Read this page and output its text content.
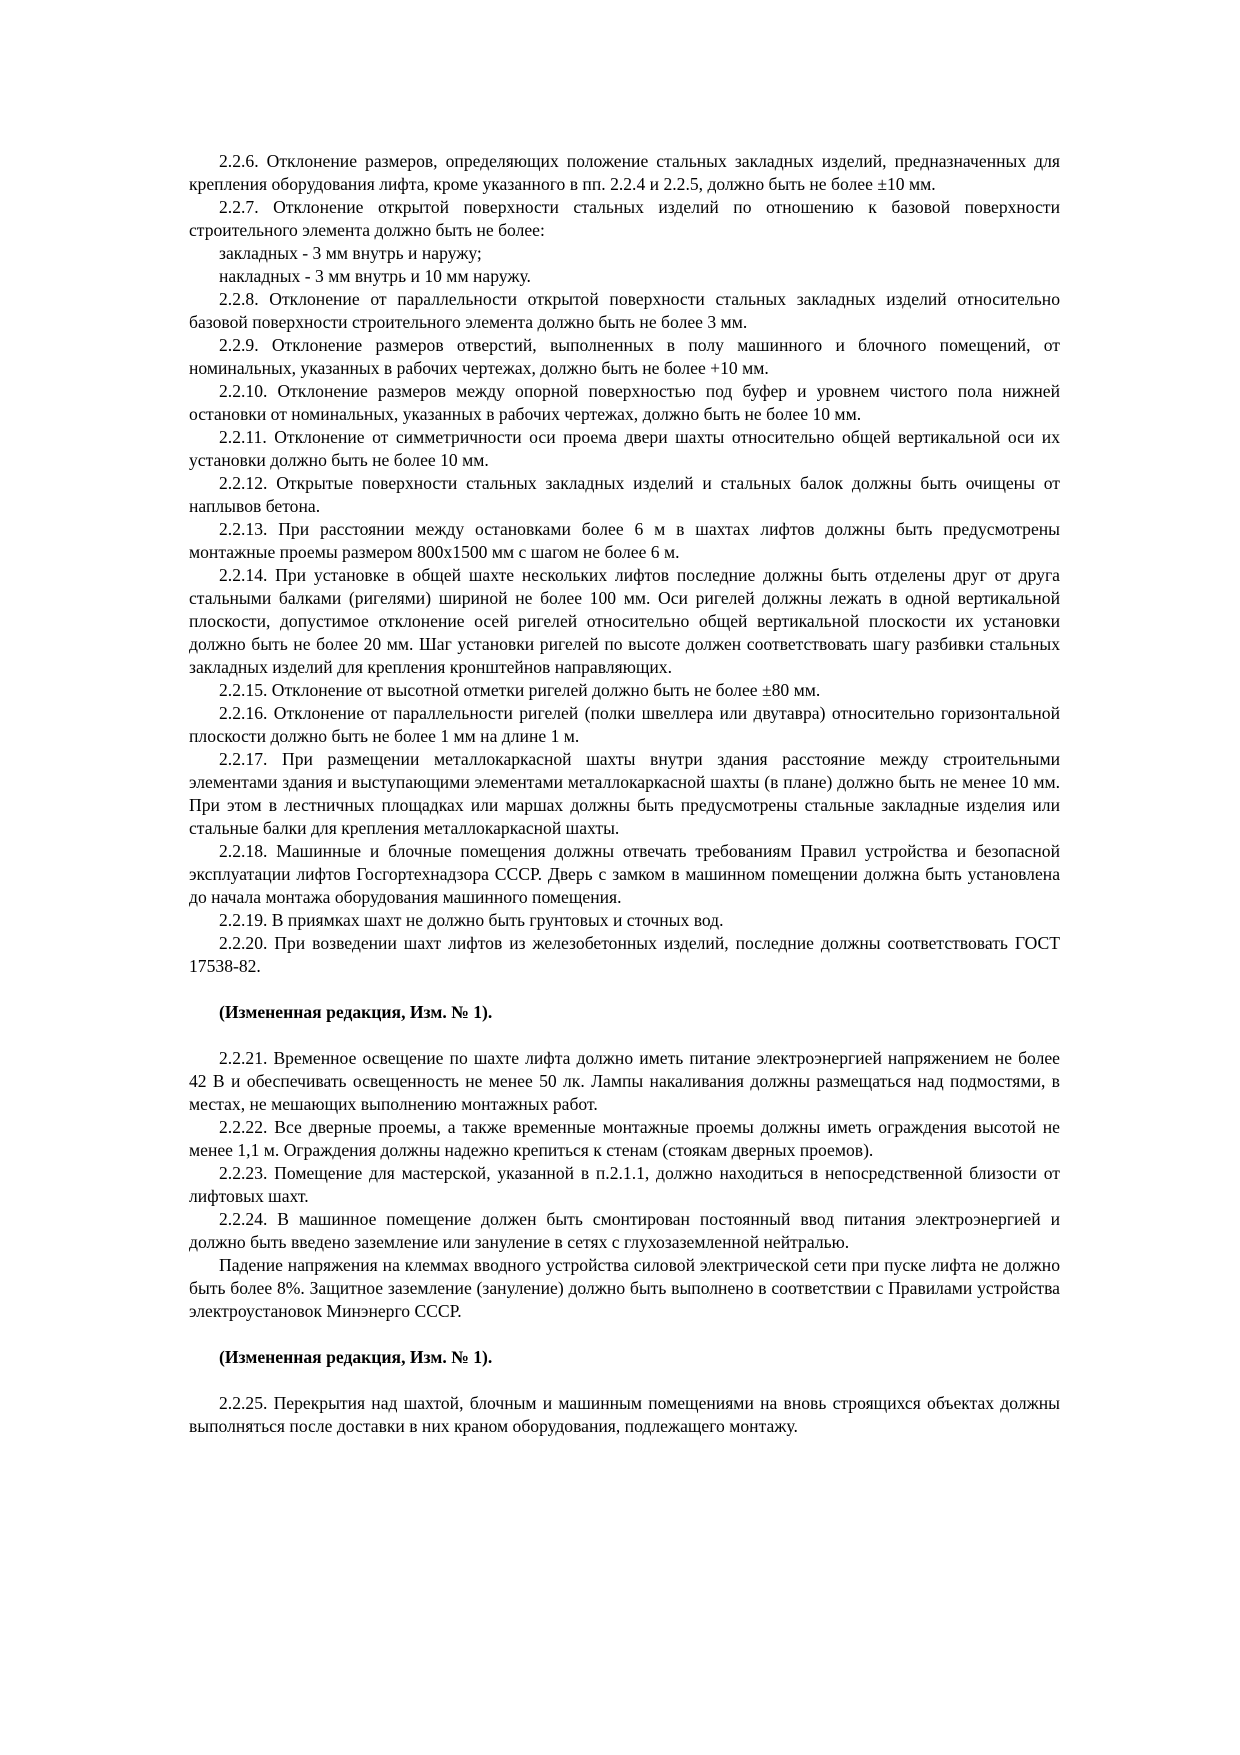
2.2.6. Отклонение размеров, определяющих положение стальных закладных изделий, предназначенных для крепления оборудования лифта, кроме указанного в пп. 2.2.4 и 2.2.5, должно быть не более ±10 мм.

2.2.7. Отклонение открытой поверхности стальных изделий по отношению к базовой поверхности строительного элемента должно быть не более:

закладных - 3 мм внутрь и наружу;

накладных - 3 мм внутрь и 10 мм наружу.

2.2.8. Отклонение от параллельности открытой поверхности стальных закладных изделий относительно базовой поверхности строительного элемента должно быть не более 3 мм.

2.2.9. Отклонение размеров отверстий, выполненных в полу машинного и блочного помещений, от номинальных, указанных в рабочих чертежах, должно быть не более +10 мм.

2.2.10. Отклонение размеров между опорной поверхностью под буфер и уровнем чистого пола нижней остановки от номинальных, указанных в рабочих чертежах, должно быть не более 10 мм.

2.2.11. Отклонение от симметричности оси проема двери шахты относительно общей вертикальной оси их установки должно быть не более 10 мм.

2.2.12. Открытые поверхности стальных закладных изделий и стальных балок должны быть очищены от наплывов бетона.

2.2.13. При расстоянии между остановками более 6 м в шахтах лифтов должны быть предусмотрены монтажные проемы размером 800х1500 мм с шагом не более 6 м.

2.2.14. При установке в общей шахте нескольких лифтов последние должны быть отделены друг от друга стальными балками (ригелями) шириной не более 100 мм. Оси ригелей должны лежать в одной вертикальной плоскости, допустимое отклонение осей ригелей относительно общей вертикальной плоскости их установки должно быть не более 20 мм. Шаг установки ригелей по высоте должен соответствовать шагу разбивки стальных закладных изделий для крепления кронштейнов направляющих.

2.2.15. Отклонение от высотной отметки ригелей должно быть не более ±80 мм.

2.2.16. Отклонение от параллельности ригелей (полки швеллера или двутавра) относительно горизонтальной плоскости должно быть не более 1 мм на длине 1 м.

2.2.17. При размещении металлокаркасной шахты внутри здания расстояние между строительными элементами здания и выступающими элементами металлокаркасной шахты (в плане) должно быть не менее 10 мм. При этом в лестничных площадках или маршах должны быть предусмотрены стальные закладные изделия или стальные балки для крепления металлокаркасной шахты.

2.2.18. Машинные и блочные помещения должны отвечать требованиям Правил устройства и безопасной эксплуатации лифтов Госгортехнадзора СССР. Дверь с замком в машинном помещении должна быть установлена до начала монтажа оборудования машинного помещения.

2.2.19. В приямках шахт не должно быть грунтовых и сточных вод.

2.2.20. При возведении шахт лифтов из железобетонных изделий, последние должны соответствовать ГОСТ 17538-82.

(Измененная редакция, Изм. № 1).

2.2.21. Временное освещение по шахте лифта должно иметь питание электроэнергией напряжением не более 42 В и обеспечивать освещенность не менее 50 лк. Лампы накаливания должны размещаться над подмостями, в местах, не мешающих выполнению монтажных работ.

2.2.22. Все дверные проемы, а также временные монтажные проемы должны иметь ограждения высотой не менее 1,1 м. Ограждения должны надежно крепиться к стенам (стоякам дверных проемов).

2.2.23. Помещение для мастерской, указанной в п.2.1.1, должно находиться в непосредственной близости от лифтовых шахт.

2.2.24. В машинное помещение должен быть смонтирован постоянный ввод питания электроэнергией и должно быть введено заземление или зануление в сетях с глухозаземленной нейтралью.

Падение напряжения на клеммах вводного устройства силовой электрической сети при пуске лифта не должно быть более 8%. Защитное заземление (зануление) должно быть выполнено в соответствии с Правилами устройства электроустановок Минэнерго СССР.

(Измененная редакция, Изм. № 1).

2.2.25. Перекрытия над шахтой, блочным и машинным помещениями на вновь строящихся объектах должны выполняться после доставки в них краном оборудования, подлежащего монтажу.
